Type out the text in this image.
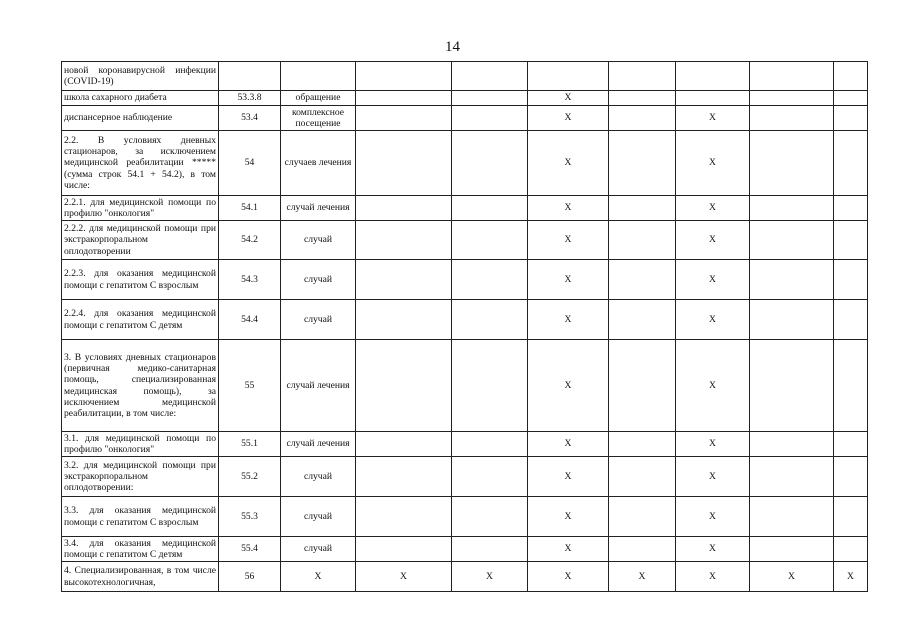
14
новой коронавирусной инфекции (COVID-19)										
школа сахарного диабета	53.3.8	обращение			X					
диспансерное наблюдение	53.4	комплексное посещение			X		X			
2.2. В условиях дневных стационаров, за исключением медицинской реабилитации ***** (сумма строк 54.1 + 54.2), в том числе:	54	случаев лечения			X		X			
2.2.1. для медицинской помощи по профилю "онкология"	54.1	случай лечения			X		X			
2.2.2. для медицинской помощи при экстракорпоральном оплодотворении	54.2	случай			X		X			
2.2.3. для оказания медицинской помощи с гепатитом С взрослым	54.3	случай			X		X			
2.2.4. для оказания медицинской помощи с гепатитом С детям	54.4	случай			X		X			
3. В условиях дневных стационаров (первичная медико-санитарная помощь, специализированная медицинская помощь), за исключением медицинской реабилитации, в том числе:	55	случай лечения			X		X			
3.1. для медицинской помощи по профилю "онкология"	55.1	случай лечения			X		X			
3.2. для медицинской помощи при экстракорпоральном оплодотворении:	55.2	случай			X		X			
3.3. для оказания медицинской помощи с гепатитом С взрослым	55.3	случай			X		X			
3.4. для оказания медицинской помощи с гепатитом С детям	55.4	случай			X		X			
4. Специализированная, в том числе высокотехнологичная,	56	X	X	X	X	X	X	X	X	
